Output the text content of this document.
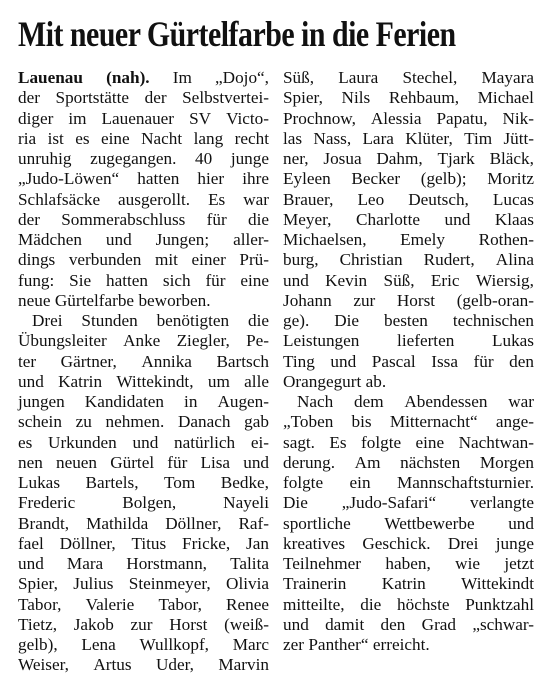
Mit neuer Gürtelfarbe in die Ferien
Lauenau (nah). Im „Dojo“,
der Sportstätte der Selbstvertei-
diger im Lauenauer SV Victo-
ria ist es eine Nacht lang recht
unruhig zugegangen. 40 junge
„Judo-Löwen“ hatten hier ihre
Schlafsäcke ausgerollt. Es war
der Sommerabschluss für die
Mädchen und Jungen; aller-
dings verbunden mit einer Prü-
fung: Sie hatten sich für eine
neue Gürtelfarbe beworben.
Drei Stunden benötigten die
Übungsleiter Anke Ziegler, Pe-
ter Gärtner, Annika Bartsch
und Katrin Wittekindt, um alle
jungen Kandidaten in Augen-
schein zu nehmen. Danach gab
es Urkunden und natürlich ei-
nen neuen Gürtel für Lisa und
Lukas Bartels, Tom Bedke,
Frederic	Bolgen,	Nayeli
Brandt, Mathilda Döllner, Raf-
fael Döllner, Titus Fricke, Jan
und Mara Horstmann, Talita
Spier, Julius Steinmeyer, Olivia
Tabor, Valerie Tabor, Renee
Tietz, Jakob zur Horst (weiß-
gelb), Lena Wullkopf, Marc
Weiser, Artus Uder, Marvin
Süß, Laura Stechel, Mayara
Spier, Nils Rehbaum, Michael
Prochnow, Alessia Papatu, Nik-
las Nass, Lara Klüter, Tim Jütt-
ner, Josua Dahm, Tjark Bläck,
Eyleen Becker (gelb); Moritz
Brauer, Leo Deutsch, Lucas
Meyer, Charlotte und Klaas
Michaelsen, Emely Rothen-
burg, Christian Rudert, Alina
und Kevin Süß, Eric Wiersig,
Johann zur Horst (gelb-oran-
ge). Die besten technischen
Leistungen lieferten Lukas
Ting und Pascal Issa für den
Orangegurt ab.
Nach dem Abendessen war
„Toben bis Mitternacht“ ange-
sagt. Es folgte eine Nachtwan-
derung. Am nächsten Morgen
folgte ein Mannschaftsturnier.
Die „Judo-Safari“ verlangte
sportliche Wettbewerbe und
kreatives Geschick. Drei junge
Teilnehmer haben, wie jetzt
Trainerin Katrin Wittekindt
mitteilte, die höchste Punktzahl
und damit den Grad „schwar-
zer Panther“ erreicht.
